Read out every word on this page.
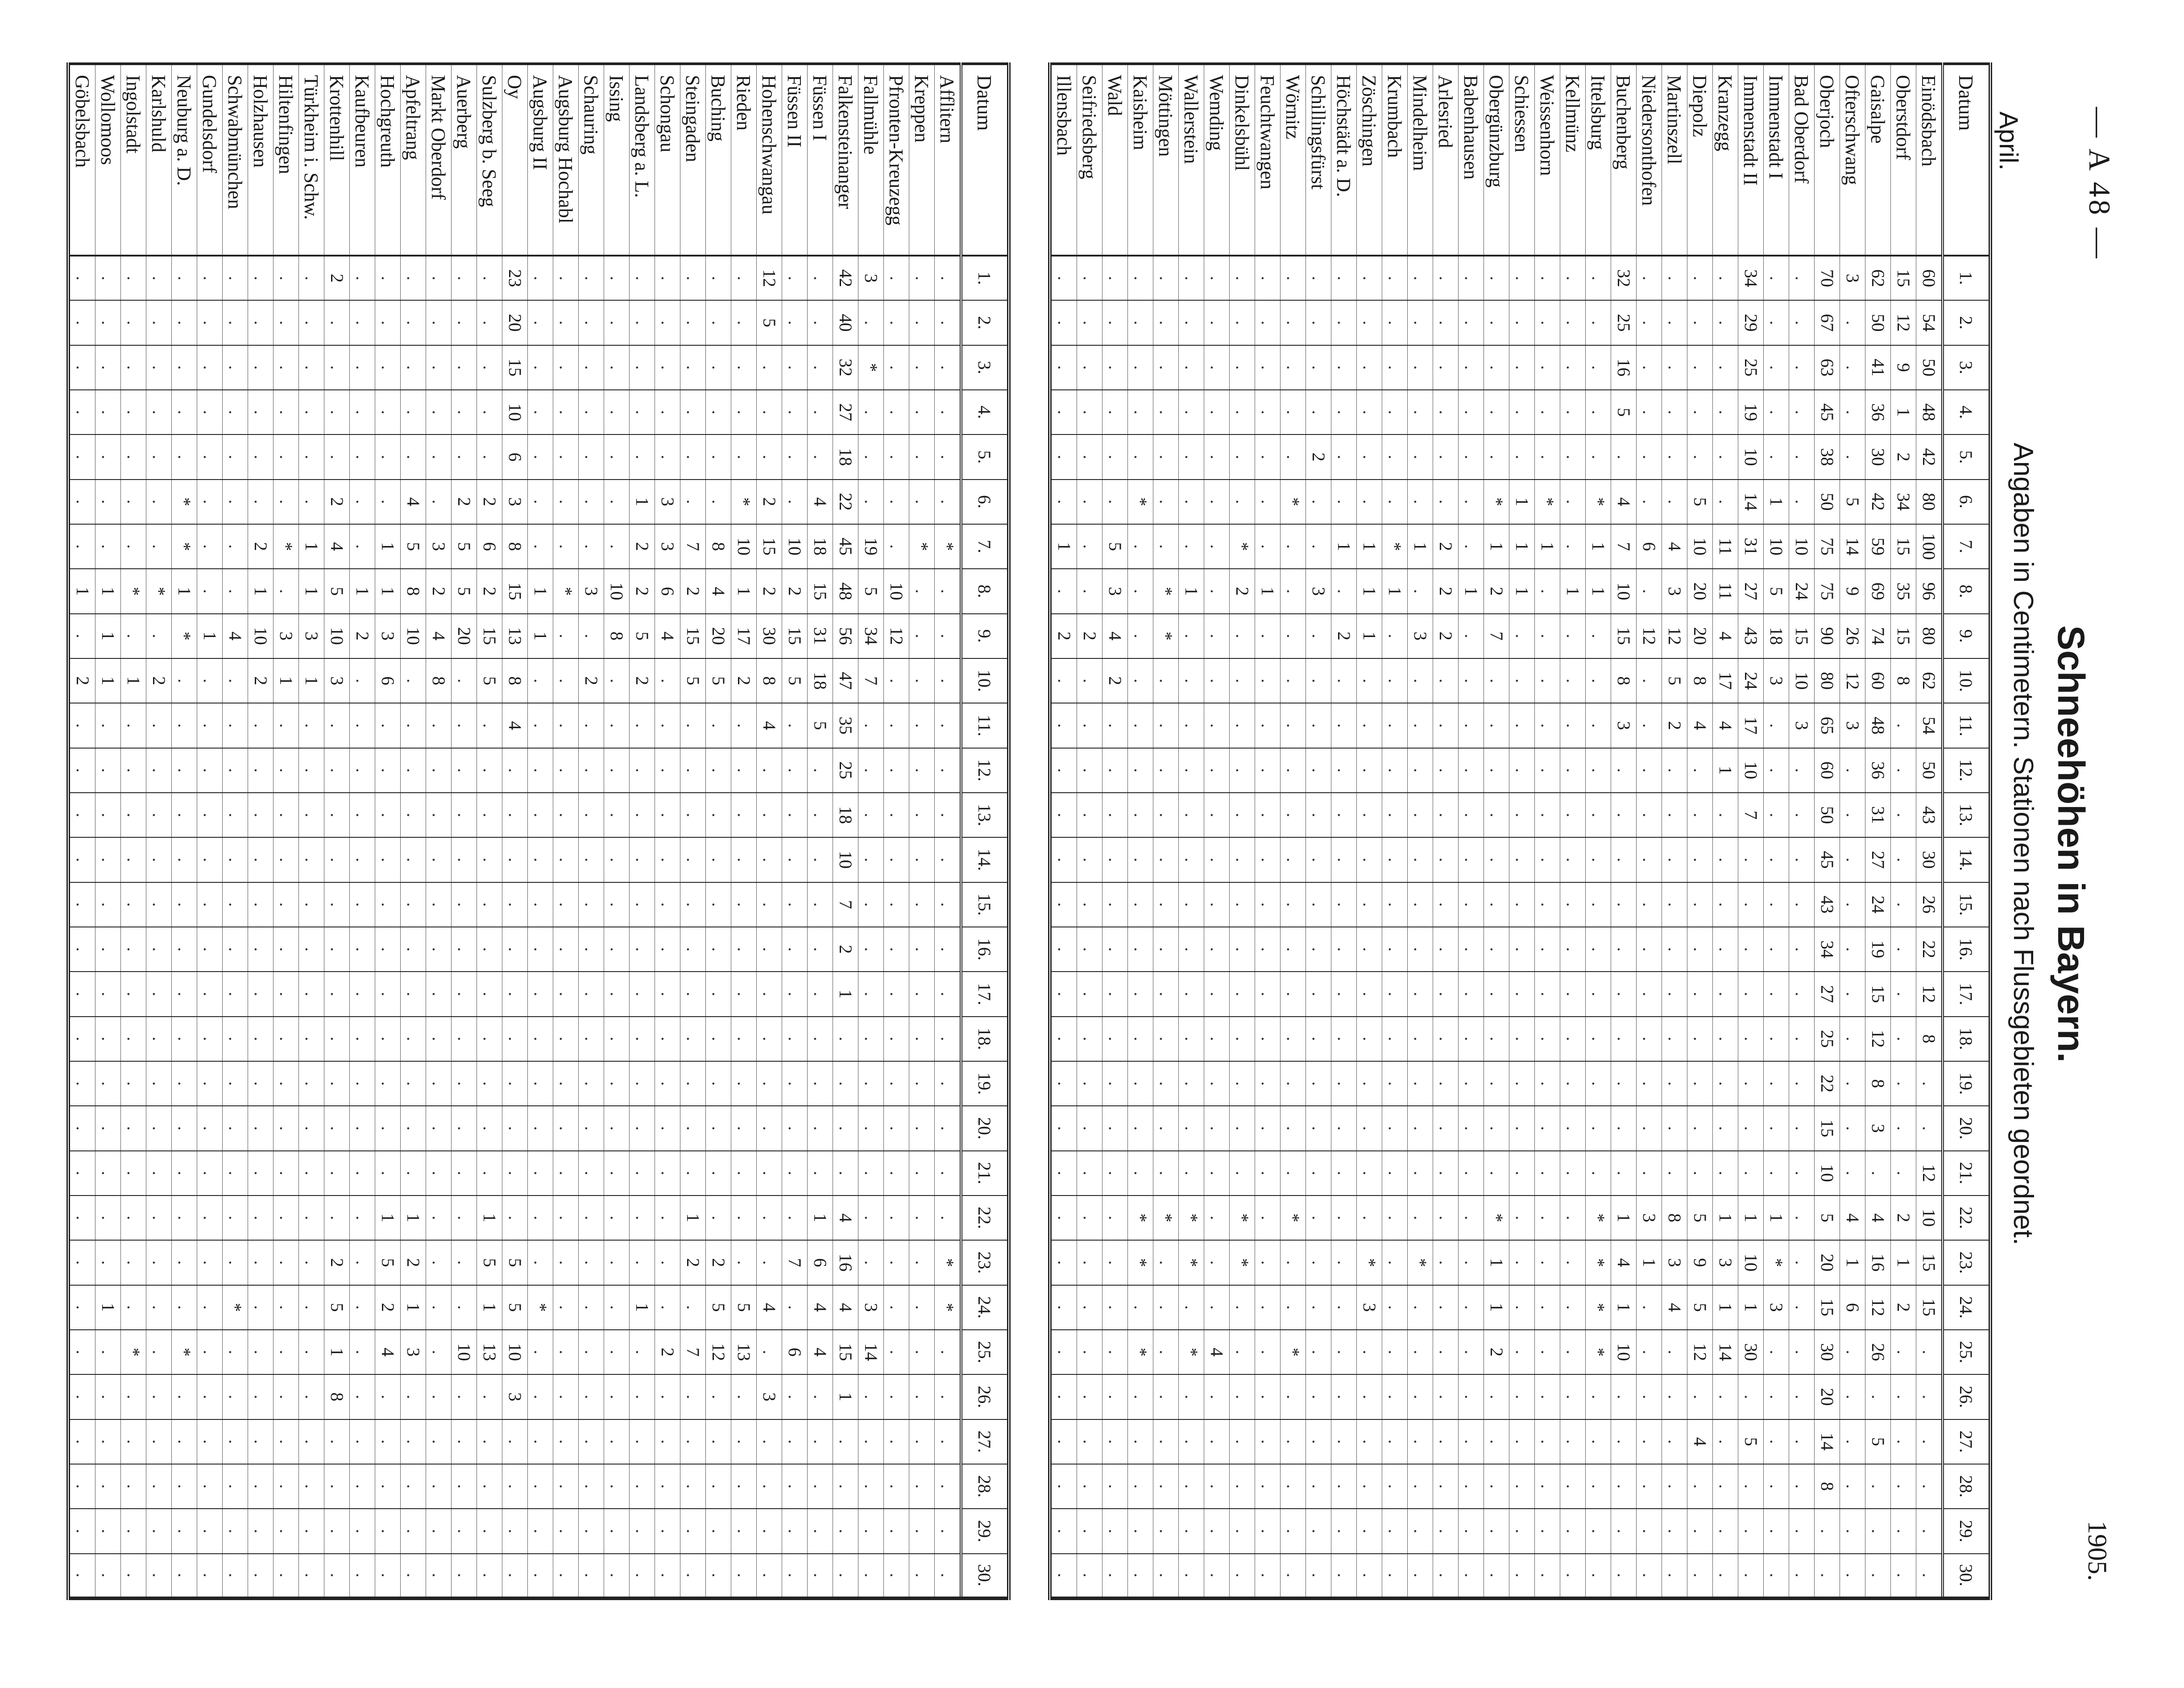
— A 48 —
1905.
Schneehöhen in Bayern.
Angaben in Centimetern. Stationen nach Flussgebieten geordnet.
April.
Datum	1.	2.	3.	4.	5.	6.	7.	8.	9.	10.	11.	12.	13.	14.	15.	16.	17.	18.	19.	20.	21.	22.	23.	24.	25.	26.	27.	28.	29.	30.
Einödsbach	60	54	50	48	42	80	100	96	80	62	54	50	43	30	26	22	12	8	.	.	12	10	15	15	.	.	.	.	.	.
Oberstdorf	15	12	9	1	2	34	15	35	15	8	.	.	.	.	.	.	.	.	.	.	.	2	1	2	.	.	.	.	.	.
Gaisalpe	62	50	41	36	30	42	59	69	74	60	48	36	31	27	24	19	15	12	8	3	.	4	16	12	26	.	5	.	.	.
Ofterschwang	3	.	.	.	.	5	14	9	26	12	3	.	.	.	.	.	.	.	.	.	.	4	1	6	.	.	.	.	.	.
Oberjoch	70	67	63	45	38	50	75	75	90	80	65	60	50	45	43	34	27	25	22	15	10	5	20	15	30	20	14	8	.	.
Bad Oberdorf	.	.	.	.	.	.	10	24	15	10	3	.	.	.	.	.	.	.	.	.	.	.	.	.	.	.	.	.	.	.
Immenstadt I	.	.	.	.	.	1	10	5	18	3	.	.	.	.	.	.	.	.	.	.	.	1	*	3	.	.	.	.	.	.
Immenstadt II	34	29	25	19	10	14	31	27	43	24	17	10	7	.	.	.	.	.	.	.	.	1	10	1	30	.	5	.	.	.
Kranzegg	.	.	.	.	.	.	11	11	4	17	4	1	.	.	.	.	.	.	.	.	.	1	3	1	14	.	.	.	.	.
Diepolz	.	.	.	.	.	5	10	20	20	8	4	.	.	.	.	.	.	.	.	.	.	5	9	5	12	.	4	.	.	.
Martinszell	.	.	.	.	.	.	4	3	12	5	2	.	.	.	.	.	.	.	.	.	.	8	3	4	.	.	.	.	.	.
Niedersonthofen	.	.	.	.	.	.	6	.	12	.	.	.	.	.	.	.	.	.	.	.	.	3	1	.	.	.	.	.	.	.
Buchenberg	32	25	16	5	.	4	7	10	15	8	3	.	.	.	.	.	.	.	.	.	.	1	4	1	10	.	.	.	.	.
Ittelsburg	.	.	.	.	.	*	1	1	.	.	.	.	.	.	.	.	.	.	.	.	.	*	*	*	*	.	.	.	.	.
Kellmünz	.	.	.	.	.	.	.	1	.	.	.	.	.	.	.	.	.	.	.	.	.	.	.	.	.	.	.	.	.	.
Weissenhorn	.	.	.	.	.	*	1	.	.	.	.	.	.	.	.	.	.	.	.	.	.	.	.	.	.	.	.	.	.	.
Schiessen	.	.	.	.	.	1	1	1	.	.	.	.	.	.	.	.	.	.	.	.	.	.	.	.	.	.	.	.	.	.
Obergünzburg	.	.	.	.	.	*	1	2	7	.	.	.	.	.	.	.	.	.	.	.	.	*	1	1	2	.	.	.	.	.
Babenhausen	.	.	.	.	.	.	.	1	.	.	.	.	.	.	.	.	.	.	.	.	.	.	.	.	.	.	.	.	.	.
Arlesried	.	.	.	.	.	.	2	2	2	.	.	.	.	.	.	.	.	.	.	.	.	.	.	.	.	.	.	.	.	.
Mindelheim	.	.	.	.	.	.	1	.	3	.	.	.	.	.	.	.	.	.	.	.	.	.	*	.	.	.	.	.	.	.
Krumbach	.	.	.	.	.	.	*	1	.	.	.	.	.	.	.	.	.	.	.	.	.	.	.	.	.	.	.	.	.	.
Zöschingen	.	.	.	.	.	.	1	1	1	.	.	.	.	.	.	.	.	.	.	.	.	.	*	3	.	.	.	.	.	.
Höchstädt a. D.	.	.	.	.	.	.	1	.	2	.	.	.	.	.	.	.	.	.	.	.	.	.	.	.	.	.	.	.	.	.
Schillingsfürst	.	.	.	.	2	.	.	3	.	.	.	.	.	.	.	.	.	.	.	.	.	.	.	.	.	.	.	.	.	.
Wörnitz	.	.	.	.	.	*	.	.	.	.	.	.	.	.	.	.	.	.	.	.	.	*	.	.	*	.	.	.	.	.
Feuchtwangen	.	.	.	.	.	.	.	1	.	.	.	.	.	.	.	.	.	.	.	.	.	.	.	.	.	.	.	.	.	.
Dinkelsbühl	.	.	.	.	.	.	*	2	.	.	.	.	.	.	.	.	.	.	.	.	.	*	*	.	.	.	.	.	.	.
Wemding	.	.	.	.	.	.	.	.	.	.	.	.	.	.	.	.	.	.	.	.	.	.	.	.	4	.	.	.	.	.
Wallerstein	.	.	.	.	.	.	.	1	.	.	.	.	.	.	.	.	.	.	.	.	.	*	*	.	*	.	.	.	.	.
Möttingen	.	.	.	.	.	.	.	*	*	.	.	.	.	.	.	.	.	.	.	.	.	*	.	.	.	.	.	.	.	.
Kaisheim	.	.	.	.	.	*	.	.	.	.	.	.	.	.	.	.	.	.	.	.	.	*	*	.	*	.	.	.	.	.
Wald	.	.	.	.	.	.	5	3	4	2	.	.	.	.	.	.	.	.	.	.	.	.	.	.	.	.	.	.	.	.
Seifriedsberg	.	.	.	.	.	.	.	.	2	.	.	.	.	.	.	.	.	.	.	.	.	.	.	.	.	.	.	.	.	.
Illensbach	.	.	.	.	.	.	1	.	2	.	.	.	.	.	.	.	.	.	.	.	.	.	.	.	.	.	.	.	.	.
Datum	1.	2.	3.	4.	5.	6.	7.	8.	9.	10.	11.	12.	13.	14.	15.	16.	17.	18.	19.	20.	21.	22.	23.	24.	25.	26.	27.	28.	29.	30.
Afflitern	.	.	.	.	.	.	*	.	.	.	.	.	.	.	.	.	.	.	.	.	.	.	*	*	.	.	.	.	.	.
Kreppen	.	.	.	.	.	.	*	.	.	.	.	.	.	.	.	.	.	.	.	.	.	.	.	.	.	.	.	.	.	.
Pfronten-Kreuzegg	.	.	.	.	.	.	.	10	12	.	.	.	.	.	.	.	.	.	.	.	.	.	.	.	.	.	.	.	.	.
Fallmühle	3	.	*	.	.	.	19	5	34	7	.	.	.	.	.	.	.	.	.	.	.	.	.	3	14	.	.	.	.	.
Falkensteinanger	42	40	32	27	18	22	45	48	56	47	35	25	18	10	7	2	1	.	.	.	.	4	16	4	15	1	.	.	.	.
Füssen I	.	.	.	.	.	4	18	15	31	18	5	.	.	.	.	.	.	.	.	.	.	1	6	4	4	.	.	.	.	.
Füssen II	.	.	.	.	.	.	10	2	15	5	.	.	.	.	.	.	.	.	.	.	.	.	7	.	6	.	.	.	.	.
Hohenschwangau	12	5	.	.	.	2	15	2	30	8	4	.	.	.	.	.	.	.	.	.	.	.	.	4	.	3	.	.	.	.
Rieden	.	.	.	.	.	*	10	1	17	2	.	.	.	.	.	.	.	.	.	.	.	.	.	5	13	.	.	.	.	.
Buching	.	.	.	.	.	.	8	4	20	5	.	.	.	.	.	.	.	.	.	.	.	.	2	5	12	.	.	.	.	.
Steingaden	.	.	.	.	.	.	7	2	15	5	.	.	.	.	.	.	.	.	.	.	.	1	2	.	7	.	.	.	.	.
Schongau	.	.	.	.	.	3	3	6	4	.	.	.	.	.	.	.	.	.	.	.	.	.	.	.	2	.	.	.	.	.
Landsberg a. L.	.	.	.	.	.	1	2	2	5	2	.	.	.	.	.	.	.	.	.	.	.	.	.	1	.	.	.	.	.	.
Issing	.	.	.	.	.	.	.	10	8	.	.	.	.	.	.	.	.	.	.	.	.	.	.	.	.	.	.	.	.	.
Schauring	.	.	.	.	.	.	.	3	.	2	.	.	.	.	.	.	.	.	.	.	.	.	.	.	.	.	.	.	.	.
Augsburg Hochabl	.	.	.	.	.	.	.	*	.	.	.	.	.	.	.	.	.	.	.	.	.	.	.	.	.	.	.	.	.	.
Augsburg II	.	.	.	.	.	.	.	1	1	.	.	.	.	.	.	.	.	.	.	.	.	.	.	*	.	.	.	.	.	.
Oy	23	20	15	10	6	3	8	15	13	8	4	.	.	.	.	.	.	.	.	.	.	.	5	5	10	3	.	.	.	.
Sulzberg b. Seeg	.	.	.	.	.	2	6	2	15	5	.	.	.	.	.	.	.	.	.	.	.	1	5	1	13	.	.	.	.	.
Auerberg	.	.	.	.	.	2	5	5	20	.	.	.	.	.	.	.	.	.	.	.	.	.	.	.	10	.	.	.	.	.
Markt Oberdorf	.	.	.	.	.	.	3	2	4	8	.	.	.	.	.	.	.	.	.	.	.	.	.	.	.	.	.	.	.	.
Apfeltrang	.	.	.	.	.	4	5	8	10	.	.	.	.	.	.	.	.	.	.	.	.	1	2	1	3	.	.	.	.	.
Hochgreuth	.	.	.	.	.	.	1	1	3	6	.	.	.	.	.	.	.	.	.	.	.	1	5	2	4	.	.	.	.	.
Kaufbeuren	.	.	.	.	.	.	.	1	2	.	.	.	.	.	.	.	.	.	.	.	.	.	.	.	.	.	.	.	.	.
Krottenhill	2	.	.	.	.	2	4	5	10	3	.	.	.	.	.	.	.	.	.	.	.	.	2	5	1	8	.	.	.	.
Türkheim i. Schw.	.	.	.	.	.	.	1	1	3	1	.	.	.	.	.	.	.	.	.	.	.	.	.	.	.	.	.	.	.	.
Hiltenfingen	.	.	.	.	.	.	*	.	3	1	.	.	.	.	.	.	.	.	.	.	.	.	.	.	.	.	.	.	.	.
Holzhausen	.	.	.	.	.	.	2	1	10	2	.	.	.	.	.	.	.	.	.	.	.	.	.	.	.	.	.	.	.	.
Schwabmünchen	.	.	.	.	.	.	.	.	4	.	.	.	.	.	.	.	.	.	.	.	.	.	.	*	.	.	.	.	.	.
Gundelsdorf	.	.	.	.	.	.	.	.	1	.	.	.	.	.	.	.	.	.	.	.	.	.	.	.	.	.	.	.	.	.
Neuburg a. D.	.	.	.	.	.	*	*	1	*	.	.	.	.	.	.	.	.	.	.	.	.	.	.	.	*	.	.	.	.	.
Karlshuld	.	.	.	.	.	.	.	*	.	2	.	.	.	.	.	.	.	.	.	.	.	.	.	.	.	.	.	.	.	.
Ingolstadt	.	.	.	.	.	.	.	*	.	1	.	.	.	.	.	.	.	.	.	.	.	.	.	.	*	.	.	.	.	.
Wollomoos	.	.	.	.	.	.	.	1	1	1	.	.	.	.	.	.	.	.	.	.	.	.	.	1	.	.	.	.	.	.
Göbelsbach	.	.	.	.	.	.	.	1	.	2	.	.	.	.	.	.	.	.	.	.	.	.	.	.	.	.	.	.	.	.
